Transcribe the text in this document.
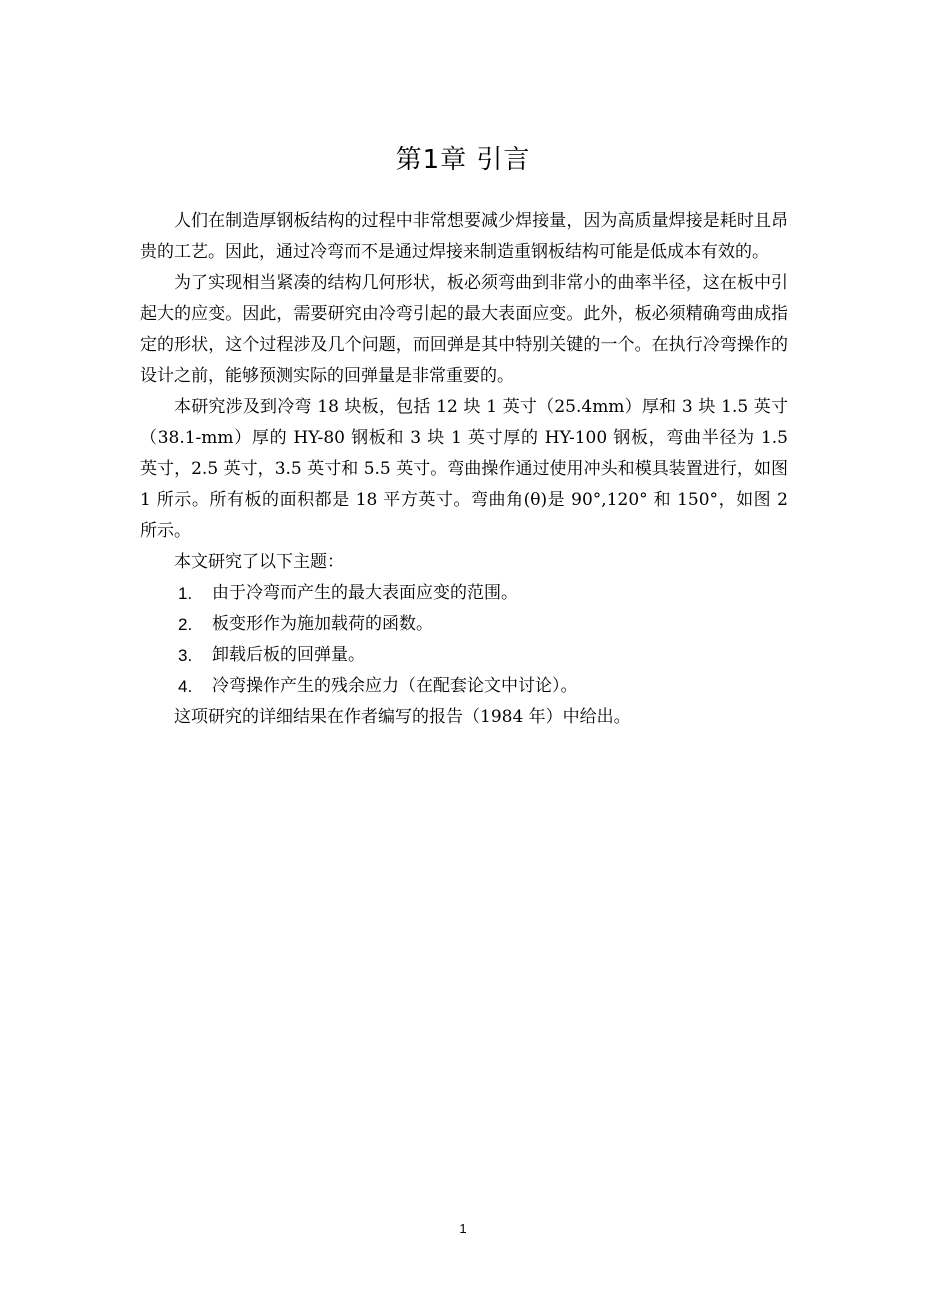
第1章 引言

人们在制造厚钢板结构的过程中非常想要减少焊接量，因为高质量焊接是耗时且昂贵的工艺。因此，通过冷弯而不是通过焊接来制造重钢板结构可能是低成本有效的。

为了实现相当紧凑的结构几何形状，板必须弯曲到非常小的曲率半径，这在板中引起大的应变。因此，需要研究由冷弯引起的最大表面应变。此外，板必须精确弯曲成指定的形状，这个过程涉及几个问题，而回弹是其中特别关键的一个。在执行冷弯操作的设计之前，能够预测实际的回弹量是非常重要的。

本研究涉及到冷弯 18 块板，包括 12 块 1 英寸（25.4mm）厚和 3 块 1.5 英寸（38.1-mm）厚的 HY-80 钢板和 3 块 1 英寸厚的 HY-100 钢板，弯曲半径为 1.5 英寸，2.5 英寸，3.5 英寸和 5.5 英寸。弯曲操作通过使用冲头和模具装置进行，如图 1 所示。所有板的面积都是 18 平方英寸。弯曲角(θ)是 90°,120° 和 150°，如图 2 所示。

本文研究了以下主题：

1.	由于冷弯而产生的最大表面应变的范围。
2.	板变形作为施加载荷的函数。
3.	卸载后板的回弹量。
4.	冷弯操作产生的残余应力（在配套论文中讨论）。

这项研究的详细结果在作者编写的报告（1984 年）中给出。

1
